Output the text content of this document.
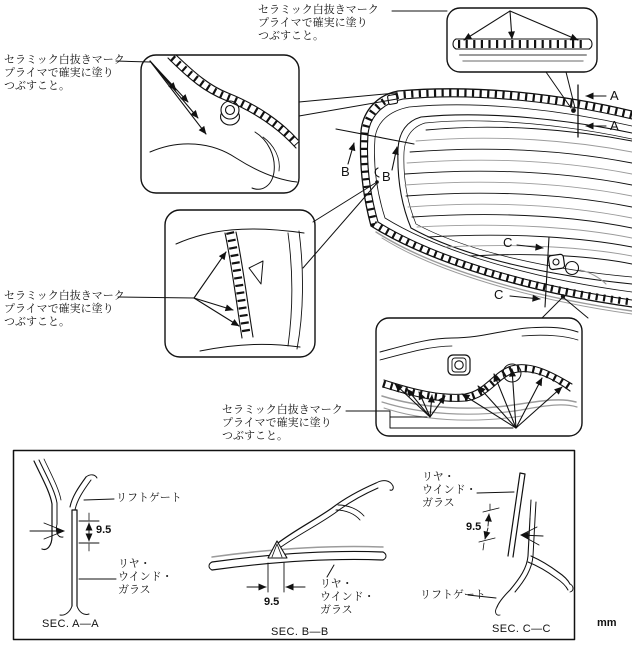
セラミック白抜きマーク
プライマで確実に塗り
つぶすこと。
セラミック白抜きマーク
プライマで確実に塗り
つぶすこと。
セラミック白抜きマーク
プライマで確実に塗り
つぶすこと。
セラミック白抜きマーク
プライマで確実に塗り
つぶすこと。
A
A
B B
C
C
リフトゲート
9.5
リヤ・
ウインド・
ガラス
SEC. A—A
9.5
リヤ・
ウインド・
ガラス
SEC. B—B
リヤ・
ウインド・
ガラス
9.5
リフトゲート
SEC. C—C	mm
